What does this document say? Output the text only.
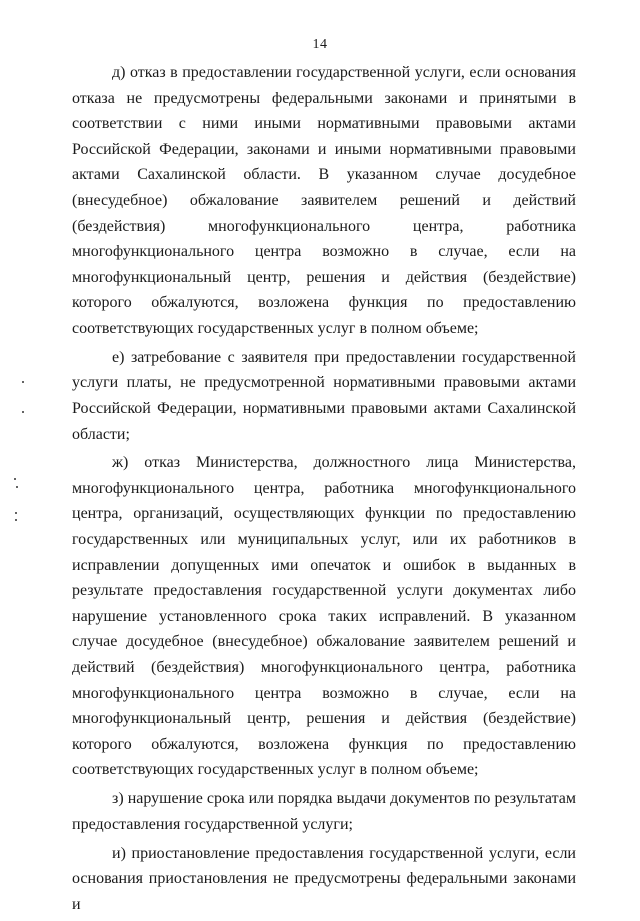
14

д) отказ в предоставлении государственной услуги, если основания отказа не предусмотрены федеральными законами и принятыми в соответствии с ними иными нормативными правовыми актами Российской Федерации, законами и иными нормативными правовыми актами Сахалинской области. В указанном случае досудебное (внесудебное) обжалование заявителем решений и действий (бездействия) многофункционального центра, работника многофункционального центра возможно в случае, если на многофункциональный центр, решения и действия (бездействие) которого обжалуются, возложена функция по предоставлению соответствующих государственных услуг в полном объеме;

е) затребование с заявителя при предоставлении государственной услуги платы, не предусмотренной нормативными правовыми актами Российской Федерации, нормативными правовыми актами Сахалинской области;

ж) отказ Министерства, должностного лица Министерства, многофункционального центра, работника многофункционального центра, организаций, осуществляющих функции по предоставлению государственных или муниципальных услуг, или их работников в исправлении допущенных ими опечаток и ошибок в выданных в результате предоставления государственной услуги документах либо нарушение установленного срока таких исправлений. В указанном случае досудебное (внесудебное) обжалование заявителем решений и действий (бездействия) многофункционального центра, работника многофункционального центра возможно в случае, если на многофункциональный центр, решения и действия (бездействие) которого обжалуются, возложена функция по предоставлению соответствующих государственных услуг в полном объеме;

з) нарушение срока или порядка выдачи документов по результатам предоставления государственной услуги;

и) приостановление предоставления государственной услуги, если основания приостановления не предусмотрены федеральными законами и
